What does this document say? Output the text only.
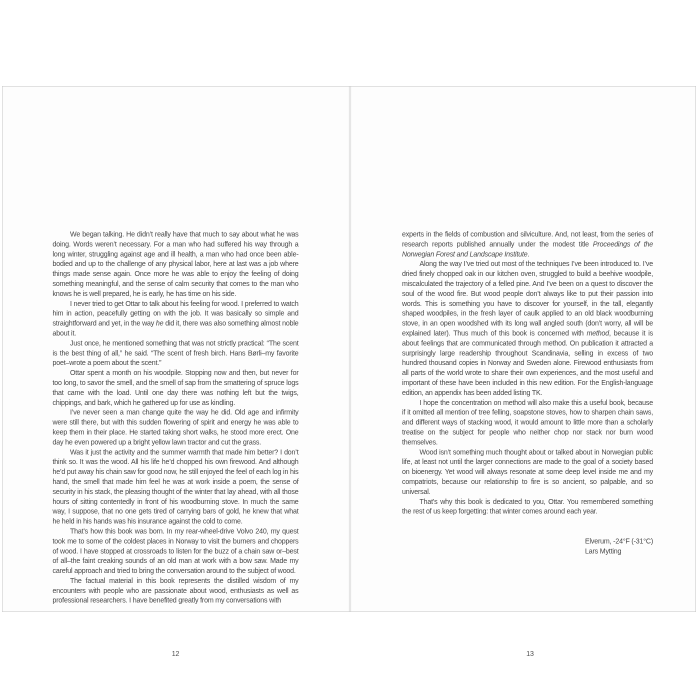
We began talking. He didn’t really have that much to say about what he was doing. Words weren’t necessary. For a man who had suffered his way through a long winter, struggling against age and ill health, a man who had once been able-bodied and up to the challenge of any physical labor, here at last was a job where things made sense again. Once more he was able to enjoy the feeling of doing something meaningful, and the sense of calm security that comes to the man who knows he is well prepared, he is early, he has time on his side.

I never tried to get Ottar to talk about his feeling for wood. I preferred to watch him in action, peacefully getting on with the job. It was basically so simple and straightforward and yet, in the way he did it, there was also something almost noble about it.

Just once, he mentioned something that was not strictly practical: “The scent is the best thing of all,” he said. “The scent of fresh birch. Hans Børli–my favorite poet–wrote a poem about the scent.”

Ottar spent a month on his woodpile. Stopping now and then, but never for too long, to savor the smell, and the smell of sap from the smattering of spruce logs that came with the load. Until one day there was nothing left but the twigs, chippings, and bark, which he gathered up for use as kindling.

I’ve never seen a man change quite the way he did. Old age and infirmity were still there, but with this sudden flowering of spirit and energy he was able to keep them in their place. He started taking short walks, he stood more erect. One day he even powered up a bright yellow lawn tractor and cut the grass.

Was it just the activity and the summer warmth that made him better? I don’t think so. It was the wood. All his life he’d chopped his own firewood. And although he’d put away his chain saw for good now, he still enjoyed the feel of each log in his hand, the smell that made him feel he was at work inside a poem, the sense of security in his stack, the pleasing thought of the winter that lay ahead, with all those hours of sitting contentedly in front of his woodburning stove. In much the same way, I suppose, that no one gets tired of carrying bars of gold, he knew that what he held in his hands was his insurance against the cold to come.

That’s how this book was born. In my rear-wheel-drive Volvo 240, my quest took me to some of the coldest places in Norway to visit the burners and choppers of wood. I have stopped at crossroads to listen for the buzz of a chain saw or–best of all–the faint creaking sounds of an old man at work with a bow saw. Made my careful approach and tried to bring the conversation around to the subject of wood.

The factual material in this book represents the distilled wisdom of my encounters with people who are passionate about wood, enthusiasts as well as professional researchers. I have benefited greatly from my conversations with

experts in the fields of combustion and silviculture. And, not least, from the series of research reports published annually under the modest title Proceedings of the Norwegian Forest and Landscape Institute.

Along the way I’ve tried out most of the techniques I’ve been introduced to. I’ve dried finely chopped oak in our kitchen oven, struggled to build a beehive woodpile, miscalculated the trajectory of a felled pine. And I’ve been on a quest to discover the soul of the wood fire. But wood people don’t always like to put their passion into words. This is something you have to discover for yourself, in the tall, elegantly shaped woodpiles, in the fresh layer of caulk applied to an old black woodburning stove, in an open woodshed with its long wall angled south (don’t worry, all will be explained later). Thus much of this book is concerned with method, because it is about feelings that are communicated through method. On publication it attracted a surprisingly large readership throughout Scandinavia, selling in excess of two hundred thousand copies in Norway and Sweden alone. Firewood enthusiasts from all parts of the world wrote to share their own experiences, and the most useful and important of these have been included in this new edition. For the English-language edition, an appendix has been added listing TK.

I hope the concentration on method will also make this a useful book, because if it omitted all mention of tree felling, soapstone stoves, how to sharpen chain saws, and different ways of stacking wood, it would amount to little more than a scholarly treatise on the subject for people who neither chop nor stack nor burn wood themselves.

Wood isn’t something much thought about or talked about in Norwegian public life, at least not until the larger connections are made to the goal of a society based on bioenergy. Yet wood will always resonate at some deep level inside me and my compatriots, because our relationship to fire is so ancient, so palpable, and so universal.

That’s why this book is dedicated to you, Ottar. You remembered something the rest of us keep forgetting: that winter comes around each year.

Elverum, -24°F (-31°C)
Lars Mytting
12	13
